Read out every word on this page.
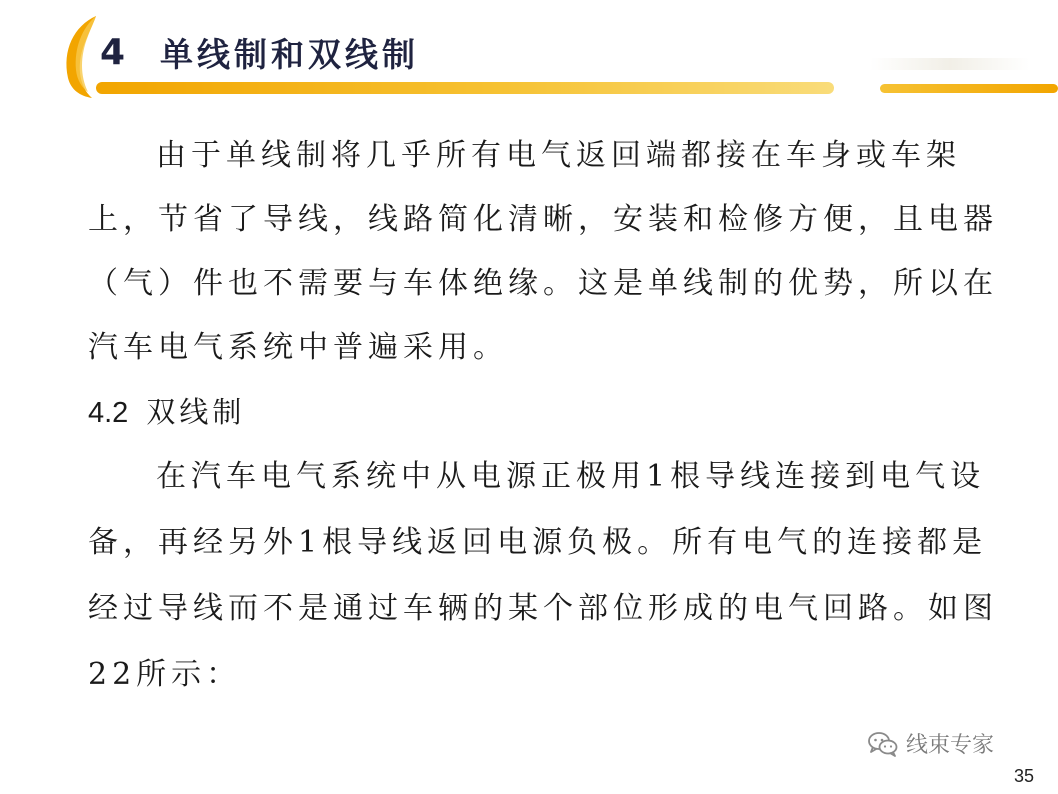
4 单线制和双线制

由于单线制将几乎所有电气返回端都接在车身或车架上，节省了导线，线路简化清晰，安装和检修方便，且电器（气）件也不需要与车体绝缘。这是单线制的优势，所以在汽车电气系统中普遍采用。

4.2 双线制

在汽车电气系统中从电源正极用1根导线连接到电气设备，再经另外1根导线返回电源负极。所有电气的连接都是经过导线而不是通过车辆的某个部位形成的电气回路。如图22所示：

线束专家
35
